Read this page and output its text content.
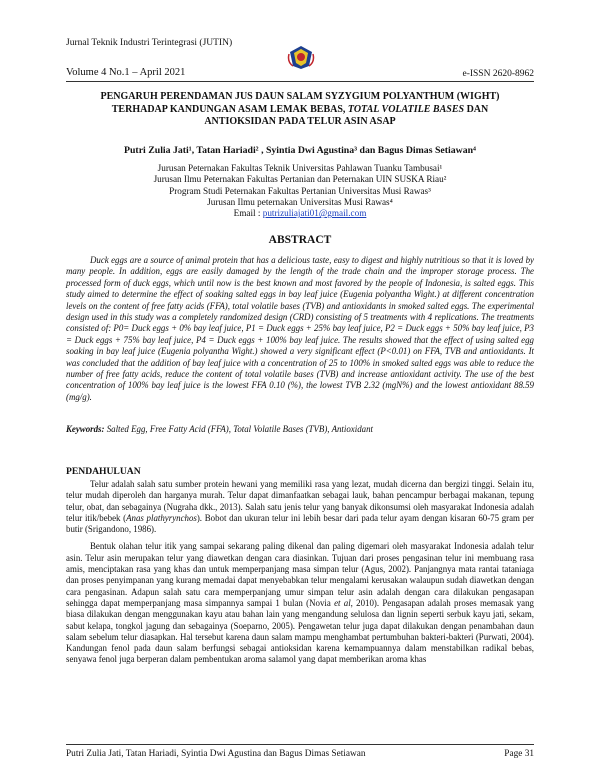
Jurnal Teknik Industri Terintegrasi (JUTIN)
Volume 4 No.1 – April 2021	e-ISSN 2620-8962
PENGARUH PERENDAMAN JUS DAUN SALAM SYZYGIUM POLYANTHUM (WIGHT)
TERHADAP KANDUNGAN ASAM LEMAK BEBAS, TOTAL VOLATILE BASES DAN
ANTIOKSIDAN PADA TELUR ASIN ASAP
Putri Zulia Jati¹, Tatan Hariadi² , Syintia Dwi Agustina³ dan Bagus Dimas Setiawan⁴
Jurusan Peternakan Fakultas Teknik Universitas Pahlawan Tuanku Tambusai¹
Jurusan Ilmu Peternakan Fakultas Pertanian dan Peternakan UIN SUSKA Riau²
Program Studi Peternakan Fakultas Pertanian Universitas Musi Rawas³
Jurusan Ilmu peternakan Universitas Musi Rawas⁴
Email : putrizuliajati01@gmail.com
ABSTRACT

Duck eggs are a source of animal protein that has a delicious taste, easy to digest and highly nutritious so that it is loved by many people. In addition, eggs are easily damaged by the length of the trade chain and the improper storage process. The processed form of duck eggs, which until now is the best known and most favored by the people of Indonesia, is salted eggs. This study aimed to determine the effect of soaking salted eggs in bay leaf juice (Eugenia polyantha Wight.) at different concentration levels on the content of free fatty acids (FFA), total volatile bases (TVB) and antioxidants in smoked salted eggs. The experimental design used in this study was a completely randomized design (CRD) consisting of 5 treatments with 4 replications. The treatments consisted of: P0= Duck eggs + 0% bay leaf juice, P1 = Duck eggs + 25% bay leaf juice, P2 = Duck eggs + 50% bay leaf juice, P3 = Duck eggs + 75% bay leaf juice, P4 = Duck eggs + 100% bay leaf juice. The results showed that the effect of using salted egg soaking in bay leaf juice (Eugenia polyantha Wight.) showed a very significant effect (P<0.01) on FFA, TVB and antioxidants. It was concluded that the addition of bay leaf juice with a concentration of 25 to 100% in smoked salted eggs was able to reduce the number of free fatty acids, reduce the content of total volatile bases (TVB) and increase antioxidant activity. The use of the best concentration of 100% bay leaf juice is the lowest FFA 0.10 (%), the lowest TVB 2.32 (mgN%) and the lowest antioxidant 88.59 (mg/g).

Keywords: Salted Egg, Free Fatty Acid (FFA), Total Volatile Bases (TVB), Antioxidant
PENDAHULUAN

Telur adalah salah satu sumber protein hewani yang memiliki rasa yang lezat, mudah dicerna dan bergizi tinggi. Selain itu, telur mudah diperoleh dan harganya murah. Telur dapat dimanfaatkan sebagai lauk, bahan pencampur berbagai makanan, tepung telur, obat, dan sebagainya (Nugraha dkk., 2013). Salah satu jenis telur yang banyak dikonsumsi oleh masyarakat Indonesia adalah telur itik/bebek (Anas plathyrynchos). Bobot dan ukuran telur ini lebih besar dari pada telur ayam dengan kisaran 60-75 gram per butir (Srigandono, 1986).

Bentuk olahan telur itik yang sampai sekarang paling dikenal dan paling digemari oleh masyarakat Indonesia adalah telur asin. Telur asin merupakan telur yang diawetkan dengan cara diasinkan. Tujuan dari proses pengasinan telur ini membuang rasa amis, menciptakan rasa yang khas dan untuk memperpanjang masa simpan telur (Agus, 2002). Panjangnya mata rantai tataniaga dan proses penyimpanan yang kurang memadai dapat menyebabkan telur mengalami kerusakan walaupun sudah diawetkan dengan cara pengasinan. Adapun salah satu cara memperpanjang umur simpan telur asin adalah dengan cara dilakukan pengasapan sehingga dapat memperpanjang masa simpannya sampai 1 bulan (Novia et al, 2010). Pengasapan adalah proses memasak yang biasa dilakukan dengan menggunakan kayu atau bahan lain yang mengandung selulosa dan lignin seperti serbuk kayu jati, sekam, sabut kelapa, tongkol jagung dan sebagainya (Soeparno, 2005). Pengawetan telur juga dapat dilakukan dengan penambahan daun salam sebelum telur diasapkan. Hal tersebut karena daun salam mampu menghambat pertumbuhan bakteri-bakteri (Purwati, 2004). Kandungan fenol pada daun salam berfungsi sebagai antioksidan karena kemampuannya dalam menstabilkan radikal bebas, senyawa fenol juga berperan dalam pembentukan aroma salamol yang dapat memberikan aroma khas

Putri Zulia Jati, Tatan Hariadi, Syintia Dwi Agustina dan Bagus Dimas Setiawan	Page 31
